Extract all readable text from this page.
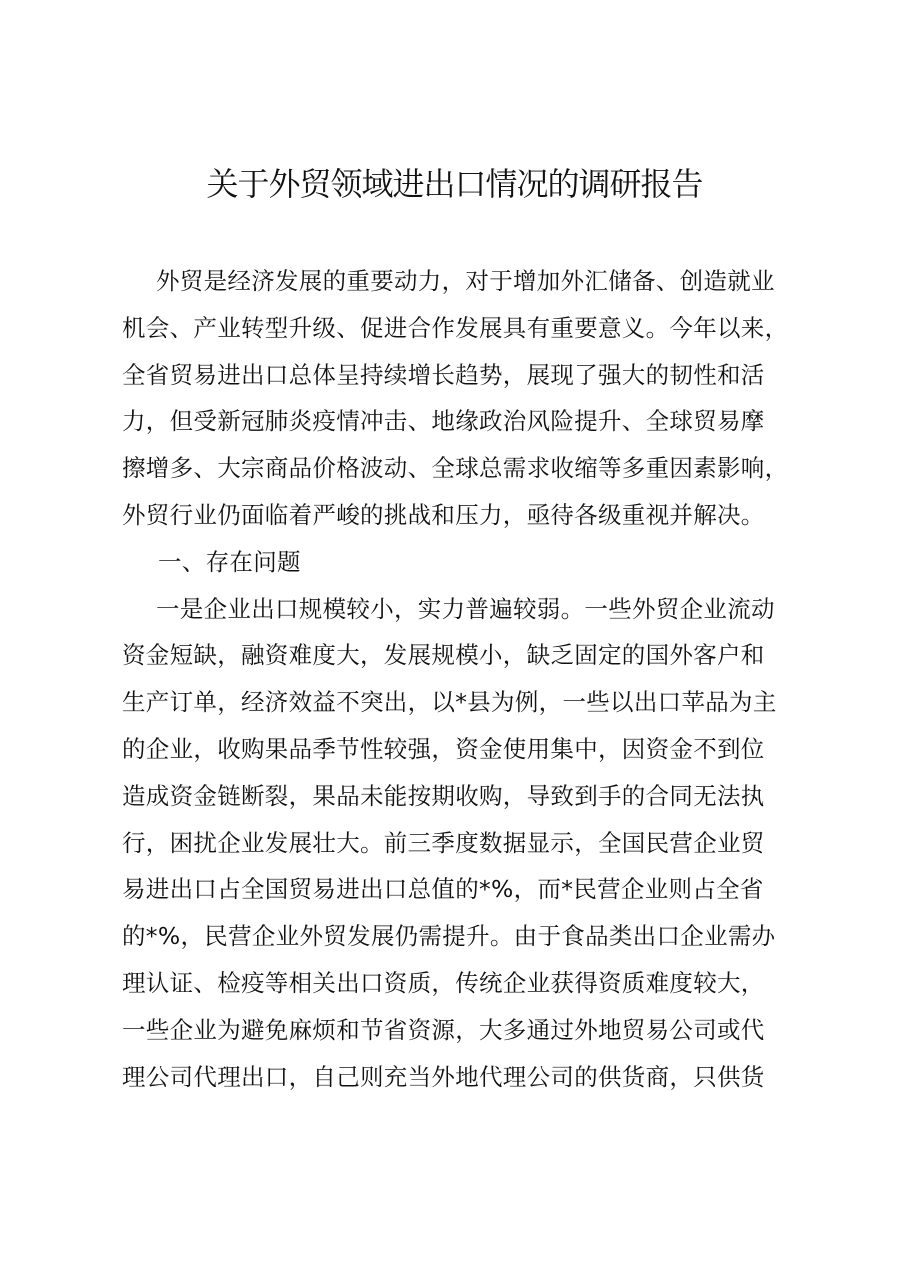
关于外贸领域进出口情况的调研报告
外贸是经济发展的重要动力，对于增加外汇储备、创造就业
机会、产业转型升级、促进合作发展具有重要意义。今年以来，
全省贸易进出口总体呈持续增长趋势，展现了强大的韧性和活
力，但受新冠肺炎疫情冲击、地缘政治风险提升、全球贸易摩
擦增多、大宗商品价格波动、全球总需求收缩等多重因素影响，
外贸行业仍面临着严峻的挑战和压力，亟待各级重视并解决。
一、存在问题
一是企业出口规模较小，实力普遍较弱。一些外贸企业流动
资金短缺，融资难度大，发展规模小，缺乏固定的国外客户和
生产订单，经济效益不突出，以*县为例，一些以出口苹品为主
的企业，收购果品季节性较强，资金使用集中，因资金不到位
造成资金链断裂，果品未能按期收购，导致到手的合同无法执
行，困扰企业发展壮大。前三季度数据显示，全国民营企业贸
易进出口占全国贸易进出口总值的*%，而*民营企业则占全省
的*%，民营企业外贸发展仍需提升。由于食品类出口企业需办
理认证、检疫等相关出口资质，传统企业获得资质难度较大，
一些企业为避免麻烦和节省资源，大多通过外地贸易公司或代
理公司代理出口，自己则充当外地代理公司的供货商，只供货
